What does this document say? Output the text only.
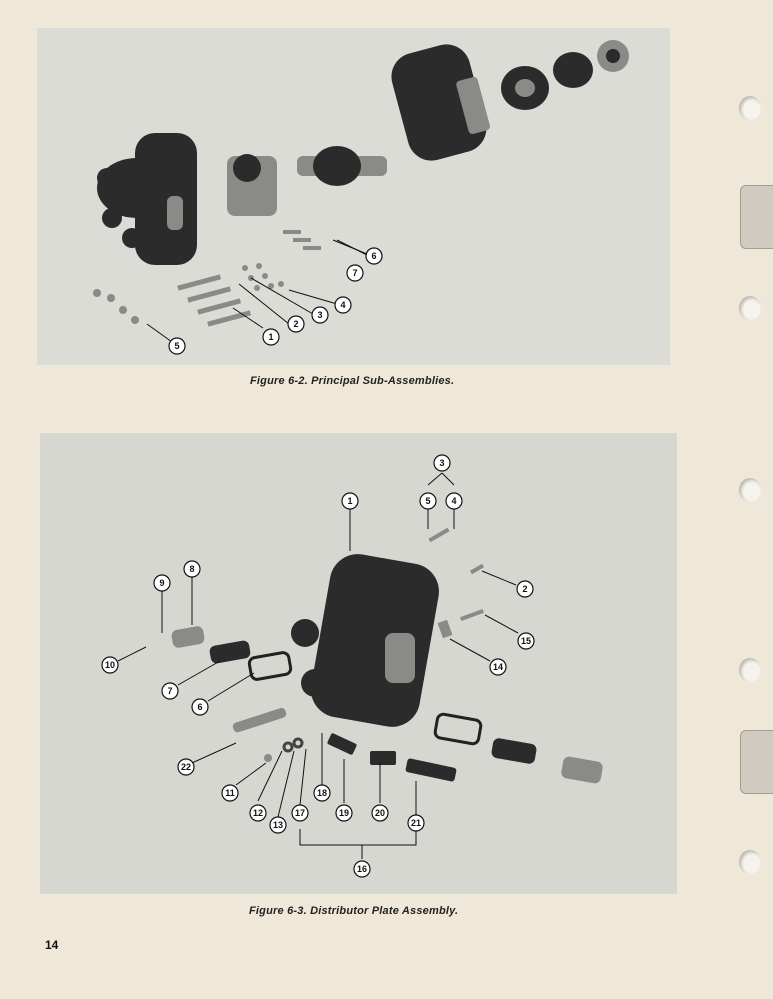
1
2
3
4
5
6
7
Figure 6-2. Principal Sub-Assemblies.
1
2
3
4
5
6
7
8
9
10
11
12
13
14
15
16
17
18
19	20
21
22
Figure 6-3. Distributor Plate Assembly.
14
